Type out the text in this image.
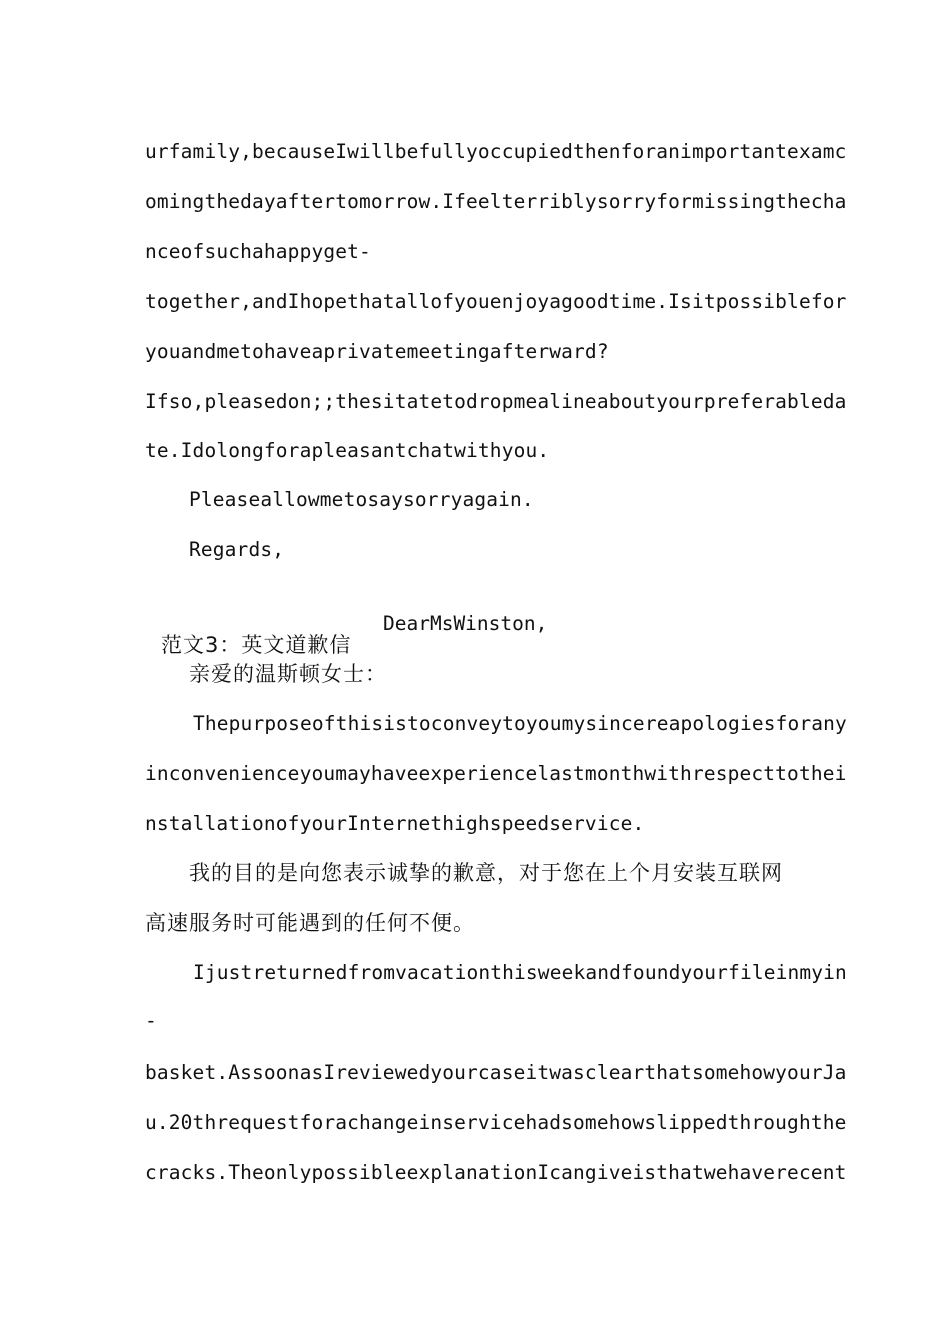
urfamily,becauseIwillbefullyoccupiedthenforanimportantexamc
omingthedayaftertomorrow.Ifeelterriblysorryformissingthecha
nceofsuchahappyget-
together,andIhopethatallofyouenjoyagoodtime.Isitpossiblefor
youandmetohaveaprivatemeetingafterward?
Ifso,pleasedon;;thesitatetodropmealineaboutyourpreferableda
te.Idolongforapleasantchatwithyou.
Pleaseallowmetosaysorryagain.
Regards,

范文3：英文道歉信

DearMsWinston,

亲爱的温斯顿女士：
Thepurposeofthisistoconveytoyoumysincereapologiesforany
inconvenienceyoumayhaveexperiencelastmonthwithrespecttothei
nstallationofyourInternethighspeedservice.
我的目的是向您表示诚挚的歉意，对于您在上个月安装互联网
高速服务时可能遇到的任何不便。
Ijustreturnedfromvacationthisweekandfoundyourfileinmyin
-
basket.AssoonasIreviewedyourcaseitwasclearthatsomehowyourJa
u.20threquestforachangeinservicehadsomehowslippedthroughthe
cracks.TheonlypossibleexplanationIcangiveisthatwehaverecent
